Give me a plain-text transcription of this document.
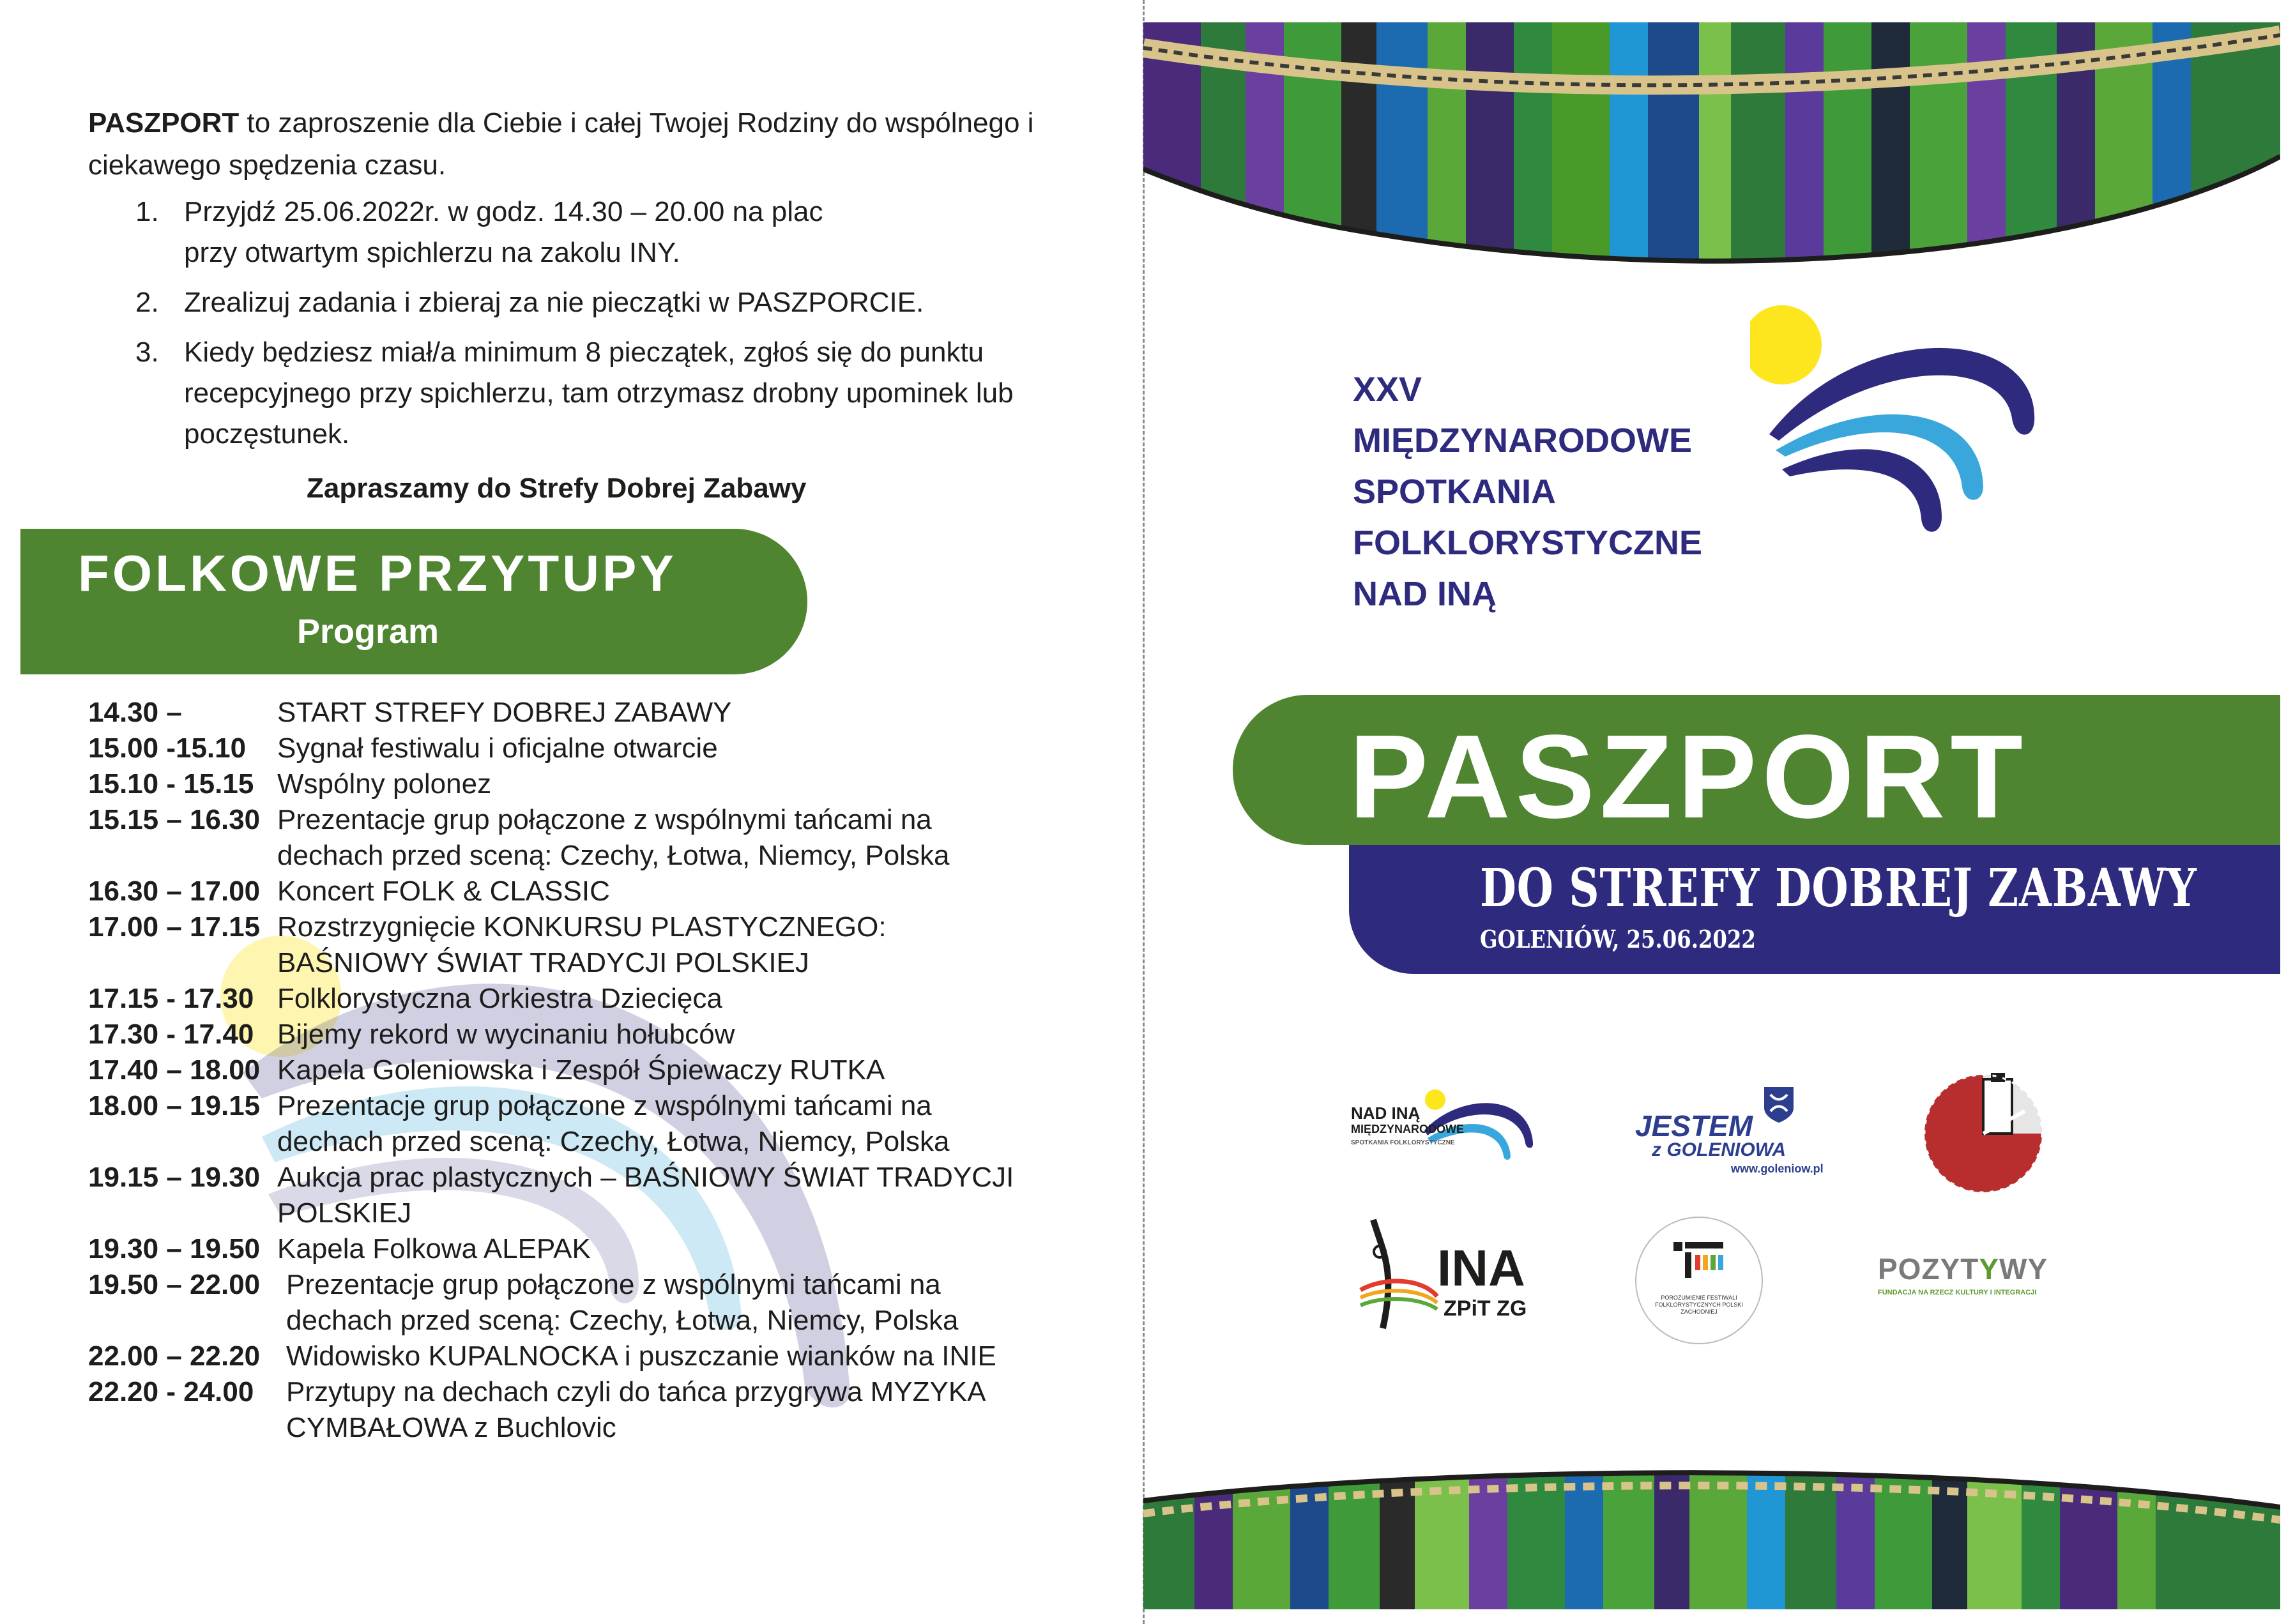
PASZPORT to zaproszenie dla Ciebie i całej Twojej Rodziny do wspólnego i ciekawego spędzenia czasu.

1. Przyjdź 25.06.2022r. w godz. 14.30 – 20.00 na plac
przy otwartym spichlerzu na zakolu INY.
2. Zrealizuj zadania i zbieraj za nie pieczątki w PASZPORCIE.
3. Kiedy będziesz miał/a minimum 8 pieczątek, zgłoś się do punktu recepcyjnego przy spichlerzu, tam otrzymasz drobny upominek lub poczęstunek.
Zapraszamy do Strefy Dobrej Zabawy
FOLKOWE PRZYTUPY
Program
14.30 –	START STREFY DOBREJ ZABAWY
15.00 -15.10	Sygnał festiwalu i oficjalne otwarcie
15.10 - 15.15 Wspólny polonez
15.15 – 16.30 Prezentacje grup połączone z wspólnymi tańcami na dechach przed sceną: Czechy, Łotwa, Niemcy, Polska
16.30 – 17.00 Koncert FOLK & CLASSIC
17.00 – 17.15 Rozstrzygnięcie KONKURSU PLASTYCZNEGO: BAŚNIOWY ŚWIAT TRADYCJI POLSKIEJ
17.15 - 17.30 Folklorystyczna Orkiestra Dziecięca
17.30 - 17.40 Bijemy rekord w wycinaniu hołubców
17.40 – 18.00 Kapela Goleniowska i Zespół Śpiewaczy RUTKA
18.00 – 19.15 Prezentacje grup połączone z wspólnymi tańcami na dechach przed sceną: Czechy, Łotwa, Niemcy, Polska
19.15 – 19.30 Aukcja prac plastycznych – BAŚNIOWY ŚWIAT TRADYCJI POLSKIEJ
19.30 – 19.50 Kapela Folkowa ALEPAK
19.50 – 22.00 Prezentacje grup połączone z wspólnymi tańcami na dechach przed sceną: Czechy, Łotwa, Niemcy, Polska
22.00 – 22.20 Widowisko KUPALNOCKA i puszczanie wianków na INIE
22.20 - 24.00	Przytupy na dechach czyli do tańca przygrywa MYZYKA CYMBAŁOWA z Buchlovic
XXV
MIĘDZYNARODOWE
SPOTKANIA
FOLKLORYSTYCZNE
NAD INĄ
PASZPORT
DO STREFY DOBREJ ZABAWY
GOLENIÓW, 25.06.2022
NAD INĄ
MIĘDZYNARODOWE
SPOTKANIA FOLKLORYSTYCZNE
JESTEM
z GOLENIOWA
www.goleniow.pl
INA
ZPiT ZG	POROZUMIENIE FESTIWALI FOLKLORYSTYCZNYCH POLSKI ZACHODNIEJ
POZYTYWY
FUNDACJA NA RZECZ KULTURY I INTEGRACJI
